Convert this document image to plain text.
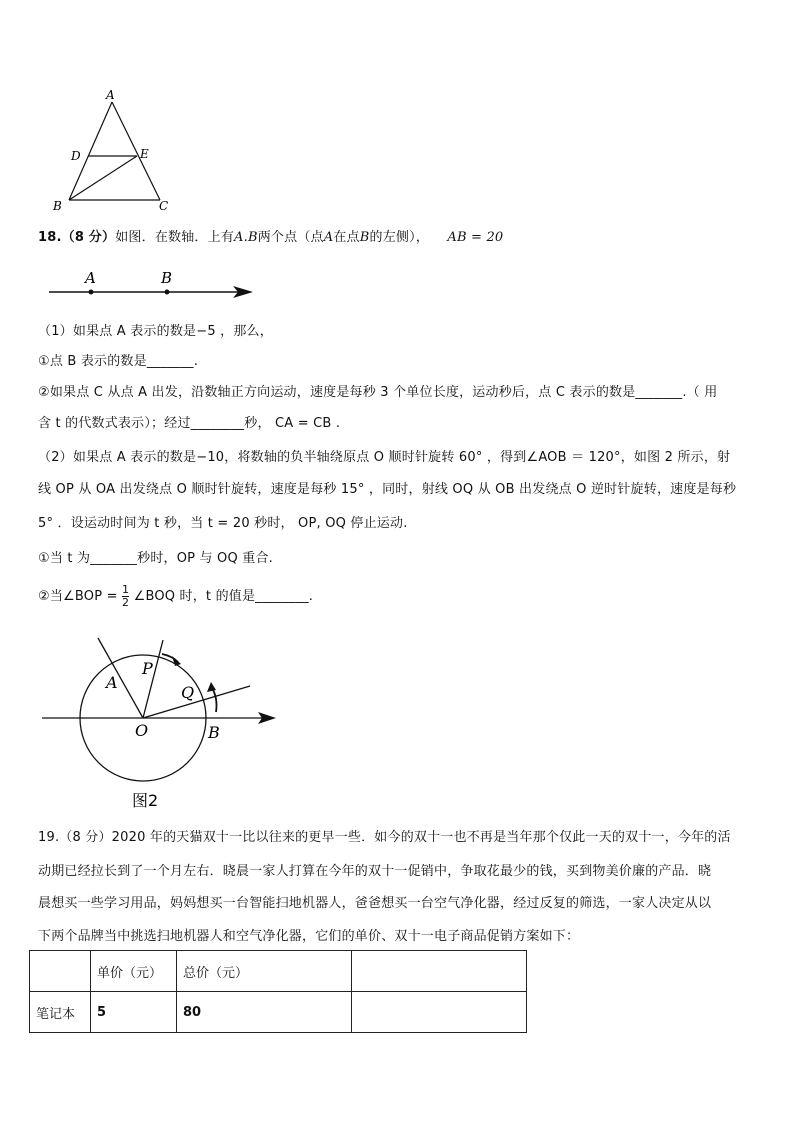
A
D	E
B	C
18.（8 分）如图．在数轴．上有A.B两个点（点A在点B的左侧）， AB = 20
A	B
（1）如果点 A 表示的数是−5 ，那么，
①点 B 表示的数是_______.
②如果点 C 从点 A 出发，沿数轴正方向运动，速度是每秒 3 个单位长度，运动秒后，点 C 表示的数是_______.（ 用
含 t 的代数式表示）；经过________秒， CA = CB .
（2）如果点 A 表示的数是−10，将数轴的负半轴绕原点 O 顺时针旋转 60° ，得到∠AOB ＝ 120°，如图 2 所示，射
线 OP 从 OA 出发绕点 O 顺时针旋转，速度是每秒 15° ，同时，射线 OQ 从 OB 出发绕点 O 逆时针旋转，速度是每秒
5° ．设运动时间为 t 秒，当 t = 20 秒时， OP, OQ 停止运动.
①当 t 为_______秒时，OP 与 OQ 重合.
②当∠BOP = $\frac{1}{2}$ ∠BOQ 时，t 的值是________.
A
P
Q
O	B
图2
19.（8 分）2020 年的天猫双十一比以往来的更早一些．如今的双十一也不再是当年那个仅此一天的双十一，今年的活
动期已经拉长到了一个月左右．晓晨一家人打算在今年的双十一促销中，争取花最少的钱，买到物美价廉的产品．晓
晨想买一些学习用品，妈妈想买一台智能扫地机器人，爸爸想买一台空气净化器，经过反复的筛选，一家人决定从以
下两个品牌当中挑选扫地机器人和空气净化器，它们的单价、双十一电子商品促销方案如下：
	单价（元）	总价（元）	
笔记本	5	80	
